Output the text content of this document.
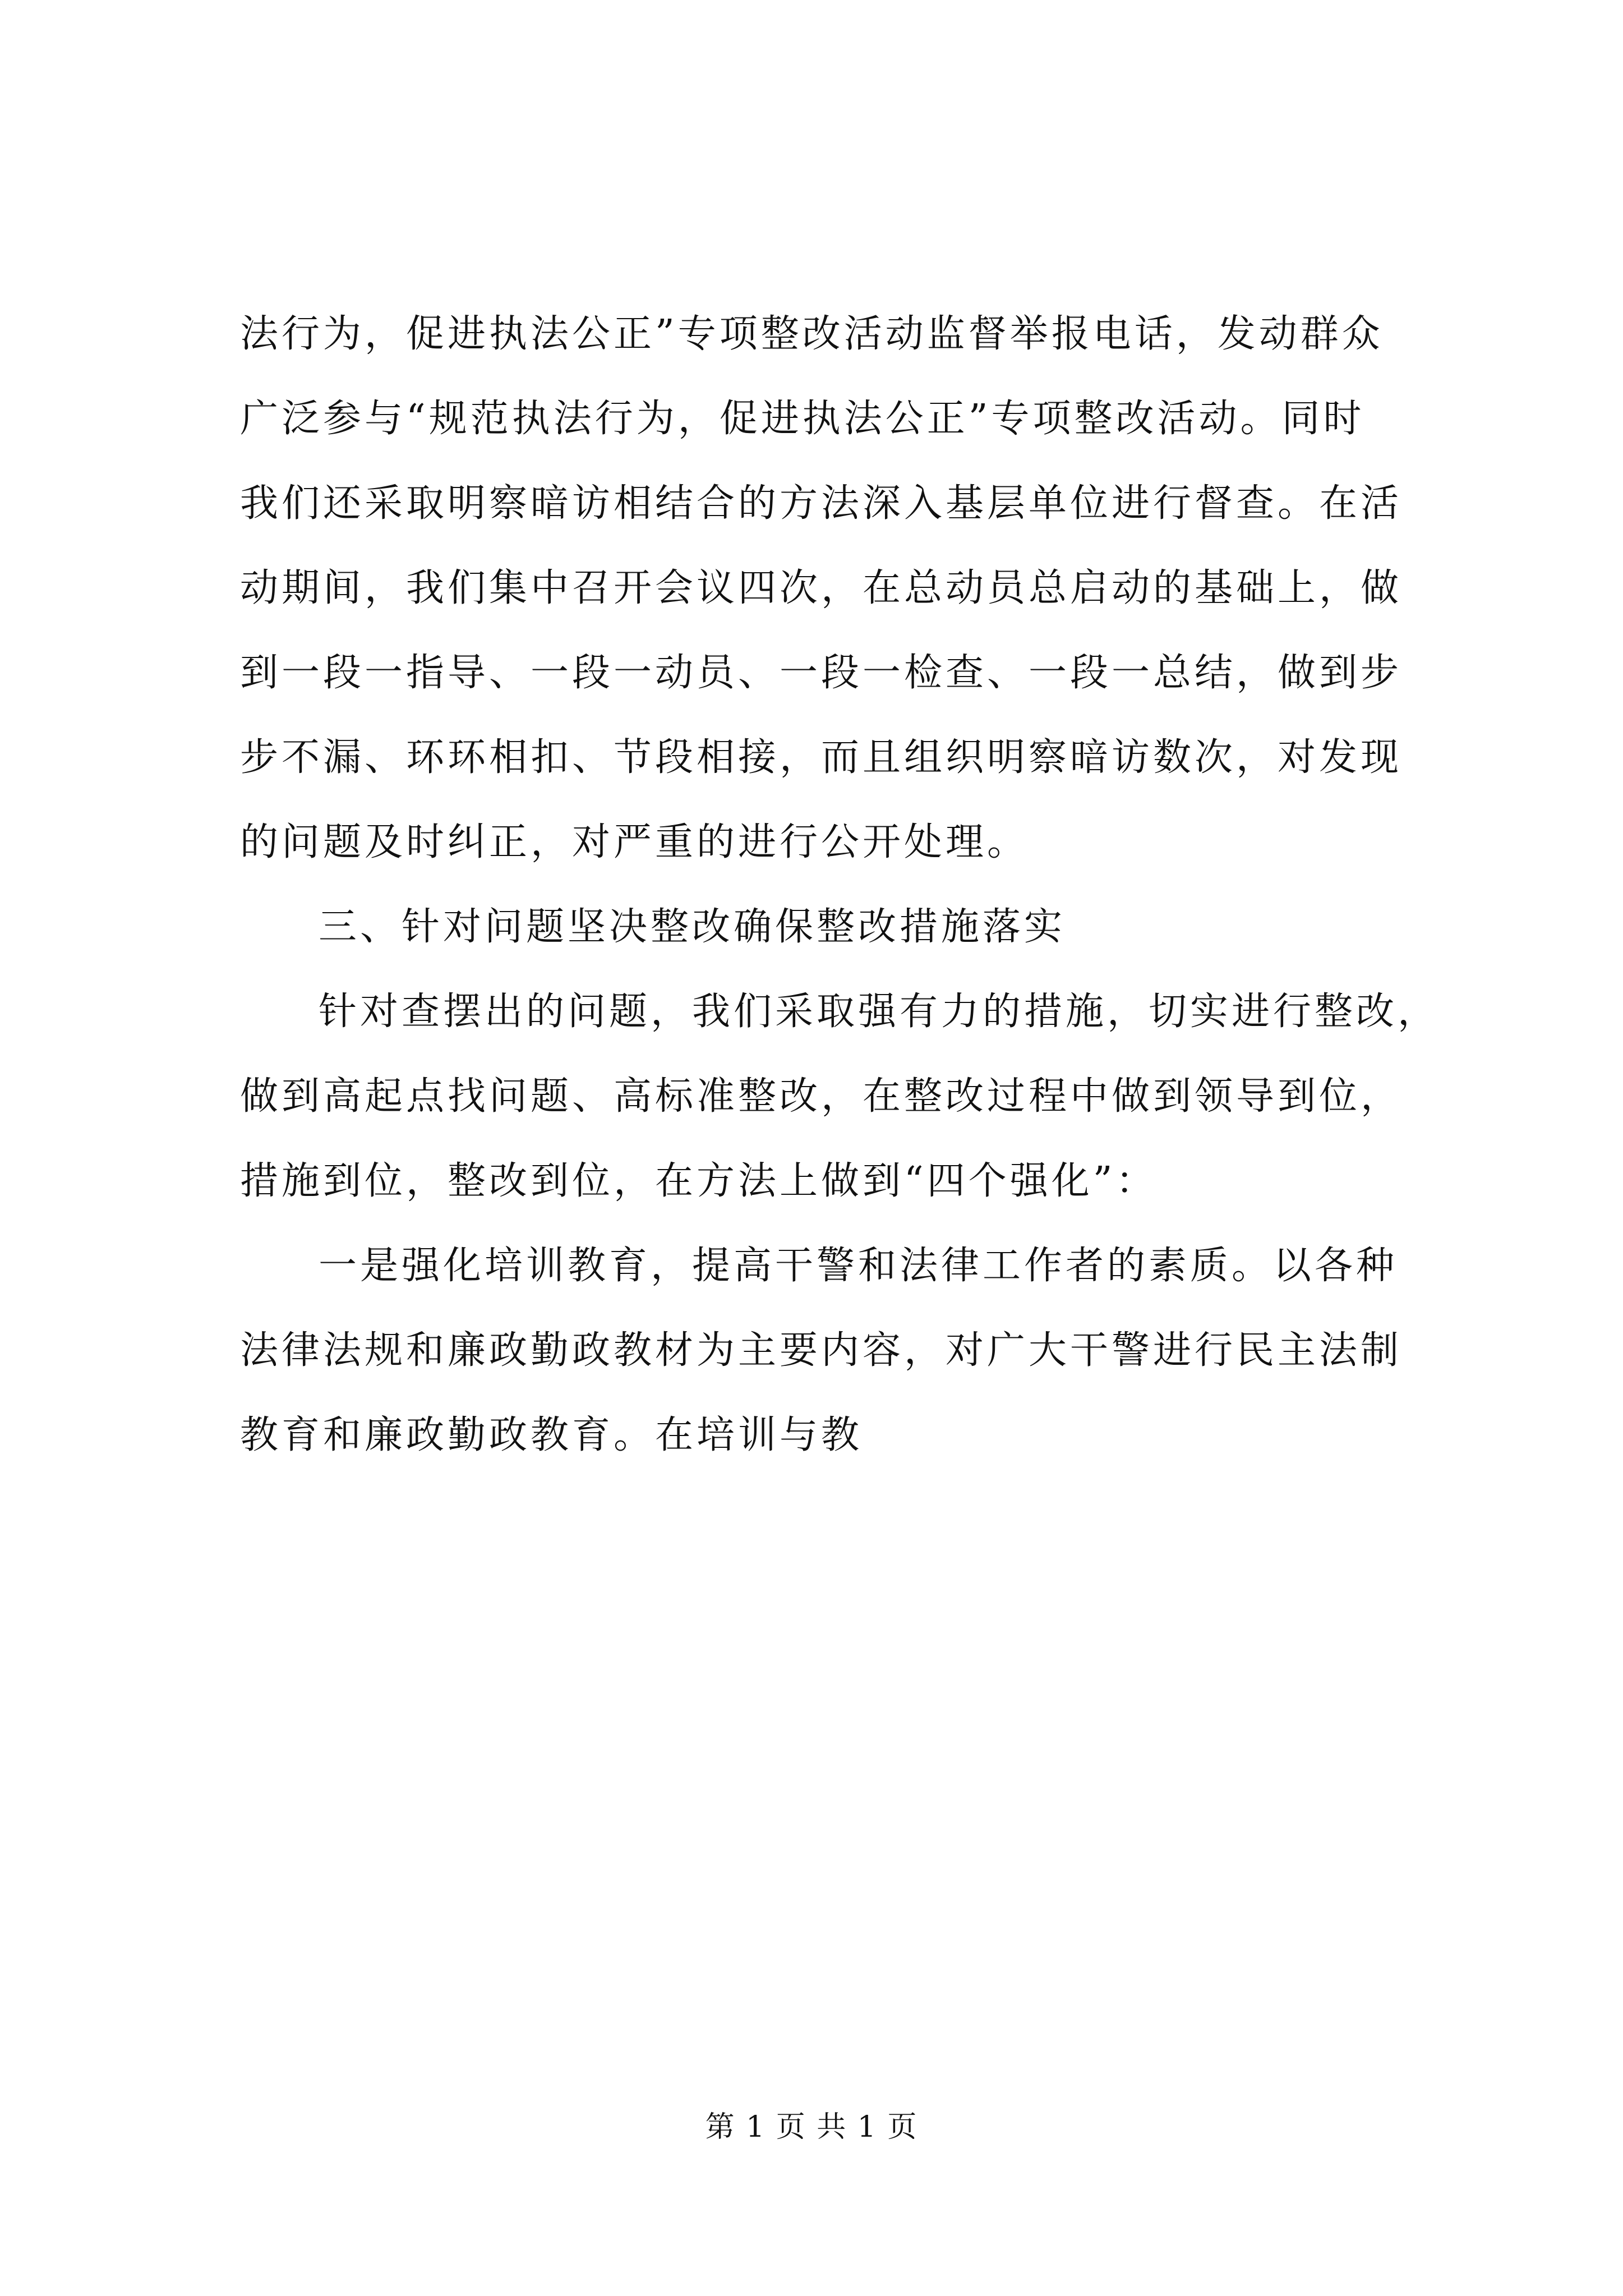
法行为，促进执法公正”专项整改活动监督举报电话，发动群众
广泛参与“规范执法行为，促进执法公正”专项整改活动。同时
我们还采取明察暗访相结合的方法深入基层单位进行督查。在活
动期间，我们集中召开会议四次，在总动员总启动的基础上，做
到一段一指导、一段一动员、一段一检查、一段一总结，做到步
步不漏、环环相扣、节段相接，而且组织明察暗访数次，对发现
的问题及时纠正，对严重的进行公开处理。
三、针对问题坚决整改确保整改措施落实
针对查摆出的问题，我们采取强有力的措施，切实进行整改，
做到高起点找问题、高标准整改，在整改过程中做到领导到位，
措施到位，整改到位，在方法上做到“四个强化”：
一是强化培训教育，提高干警和法律工作者的素质。以各种
法律法规和廉政勤政教材为主要内容，对广大干警进行民主法制
教育和廉政勤政教育。在培训与教
第 1 页 共 1 页
